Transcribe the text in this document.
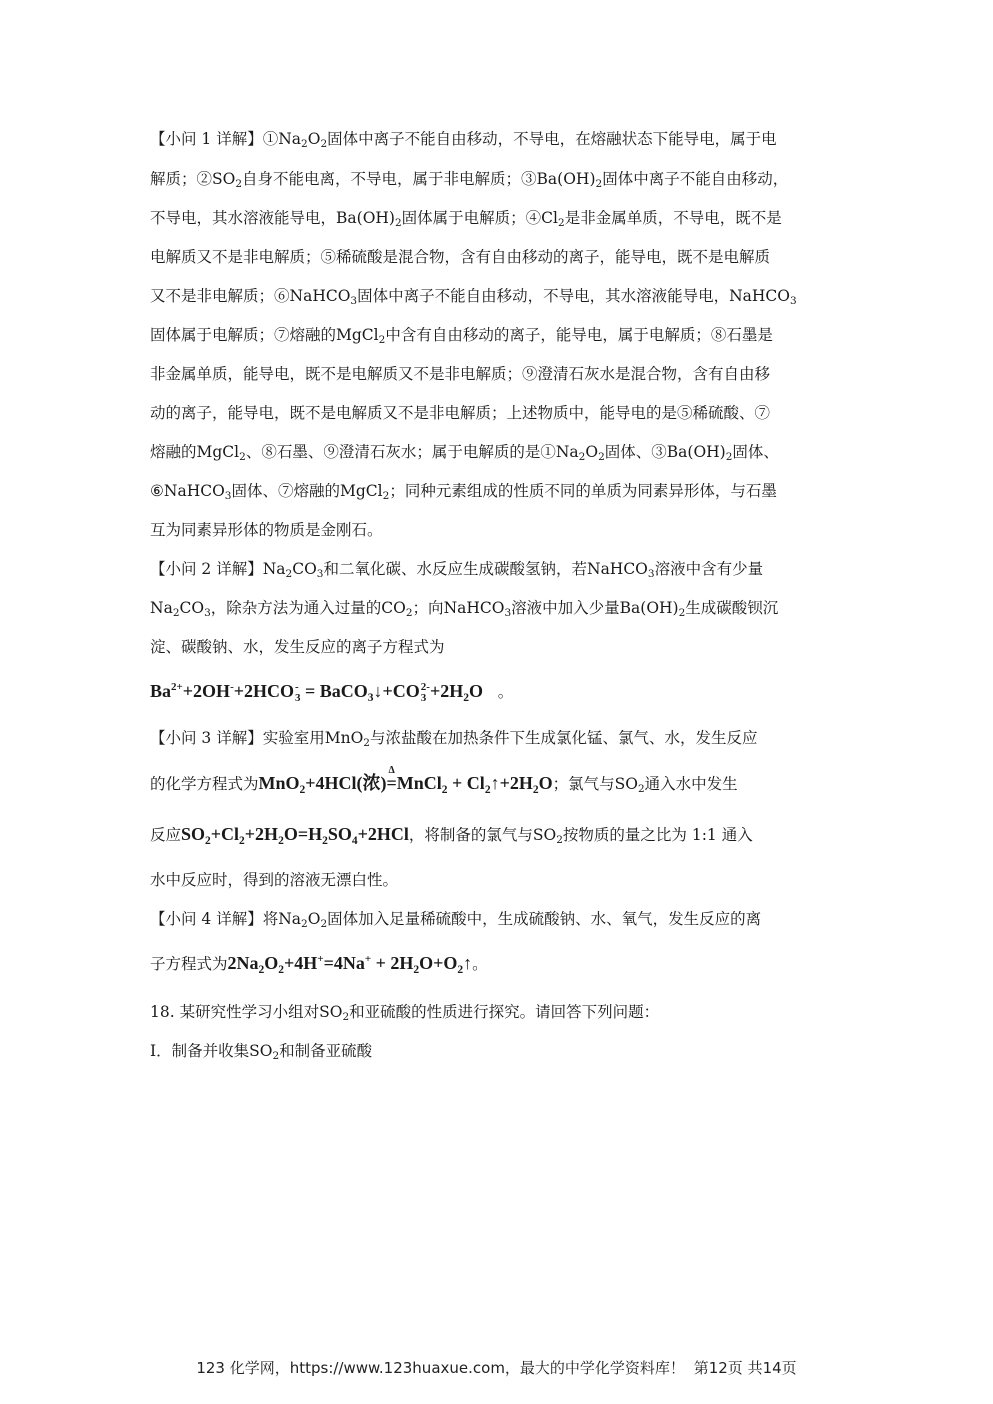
【小问 1 详解】$①Na_2O_2$固体中离子不能自由移动，不导电，在熔融状态下能导电，属于电
解质；$②SO_2$自身不能电离，不导电，属于非电解质；$③Ba(OH)_2$固体中离子不能自由移动，
不导电，其水溶液能导电，$Ba(OH)_2$固体属于电解质；$④Cl_2$是非金属单质，不导电，既不是
电解质又不是非电解质；⑤稀硫酸是混合物，含有自由移动的离子，能导电，既不是电解质
又不是非电解质；⑥NaHCO$_3$固体中离子不能自由移动，不导电，其水溶液能导电，NaHCO$_3$
固体属于电解质；⑦熔融的MgCl$_2$中含有自由移动的离子，能导电，属于电解质；⑧石墨是
非金属单质，能导电，既不是电解质又不是非电解质；⑨澄清石灰水是混合物，含有自由移
动的离子，能导电，既不是电解质又不是非电解质；上述物质中，能导电的是⑤稀硫酸、⑦
熔融的MgCl$_2$、⑧石墨、⑨澄清石灰水；属于电解质的是$①Na_2O_2$固体、$③Ba(OH)_2$固体、
⑥NaHCO$_3$固体、⑦熔融的MgCl$_2$；同种元素组成的性质不同的单质为同素异形体，与石墨
互为同素异形体的物质是金刚石。
【小问 2 详解】$Na_2CO_3$和二氧化碳、水反应生成碳酸氢钠，若NaHCO$_3$溶液中含有少量
$Na_2CO_3$，除杂方法为通入过量的$CO_2$；向NaHCO$_3$溶液中加入少量$Ba(OH)_2$生成碳酸钡沉
淀、碳酸钠、水，发生反应的离子方程式为
$Ba^{2+}+2OH^-+2HCO$ -
3 = BaCO$_3$↓+CO 2-
$3 +2H_2O$ 。
【小问 3 详解】实验室用MnO$_2$与浓盐酸在加热条件下生成氯化锰、氯气、水，发生反应
的化学方程式为MnO$_2$+4HCl(浓)
Δ
=MnCl$_2$ + $Cl_2↑+2H_2O$；氯气与$SO_2$通入水中发生
反应$SO_2+Cl_2+2H_2O=H_2SO_4+2HCl$，将制备的氯气与$SO_2$按物质的量之比为 1:1 通入
水中反应时，得到的溶液无漂白性。
【小问 4 详解】将$Na_2O_2$固体加入足量稀硫酸中，生成硫酸钠、水、氧气，发生反应的离
子方程式为$2Na_2O_2+4H^+=4Na^+$ + $2H_2O+O_2↑$。
18. 某研究性学习小组对$SO_2$和亚硫酸的性质进行探究。请回答下列问题：
I．制备并收集$SO_2$和制备亚硫酸
123 化学网，https://www.123huaxue.com，最大的中学化学资料库！ 第12页 共14页
